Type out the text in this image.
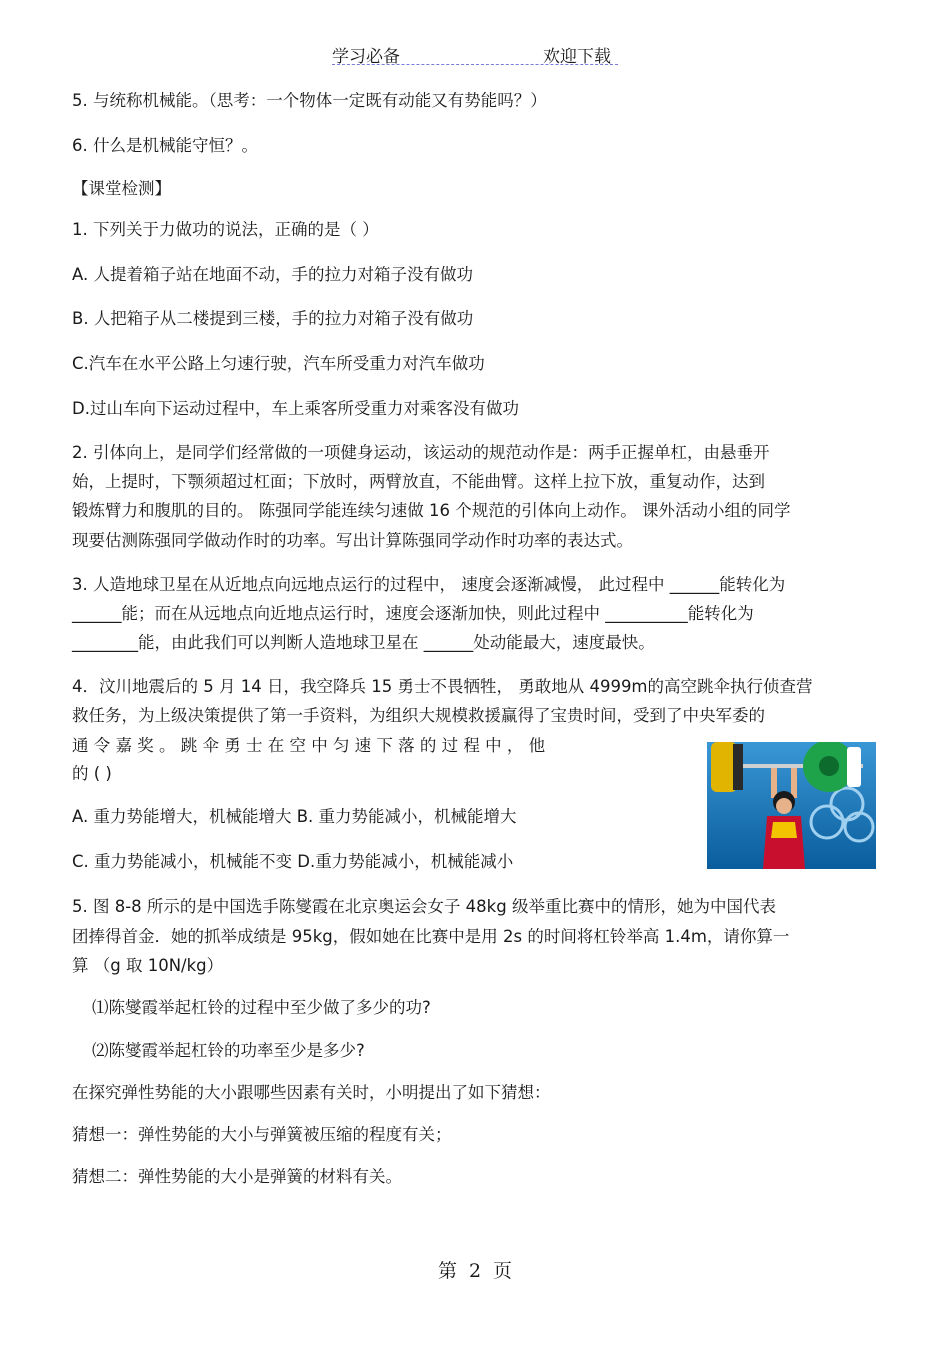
学习必备	欢迎下载
5. 与统称机械能。（思考：一个物体一定既有动能又有势能吗？）
6. 什么是机械能守恒？。
【课堂检测】
1. 下列关于力做功的说法，正确的是（ ）
A. 人提着箱子站在地面不动，手的拉力对箱子没有做功
B. 人把箱子从二楼提到三楼，手的拉力对箱子没有做功
C.汽车在水平公路上匀速行驶，汽车所受重力对汽车做功
D.过山车向下运动过程中，车上乘客所受重力对乘客没有做功
2. 引体向上，是同学们经常做的一项健身运动，该运动的规范动作是：两手正握单杠，由悬垂开
始，上提时，下颚须超过杠面；下放时，两臂放直，不能曲臂。这样上拉下放，重复动作，达到
锻炼臂力和腹肌的目的。 陈强同学能连续匀速做 16 个规范的引体向上动作。 课外活动小组的同学
现要估测陈强同学做动作时的功率。写出计算陈强同学动作时功率的表达式。
3. 人造地球卫星在从近地点向远地点运行的过程中， 速度会逐渐减慢， 此过程中 ______能转化为
______能；而在从远地点向近地点运行时，速度会逐渐加快，则此过程中 __________能转化为
________能，由此我们可以判断人造地球卫星在 ______处动能最大，速度最快。
4．汶川地震后的 5 月 14 日，我空降兵 15 勇士不畏牺牲， 勇敢地从 4999m的高空跳伞执行侦查营
救任务，为上级决策提供了第一手资料，为组织大规模救援赢得了宝贵时间，受到了中央军委的
通 令 嘉 奖 。 跳 伞 勇 士 在 空 中 匀 速 下 落 的 过 程 中 ， 他
的 ( )
A. 重力势能增大，机械能增大 B. 重力势能减小，机械能增大
C. 重力势能减小，机械能不变 D.重力势能减小，机械能减小
5. 图 8-8 所示的是中国选手陈燮霞在北京奥运会女子 48kg 级举重比赛中的情形，她为中国代表
团捧得首金．她的抓举成绩是 95kg，假如她在比赛中是用 2s 的时间将杠铃举高 1.4m，请你算一
算 （g 取 10N/kg）
⑴陈燮霞举起杠铃的过程中至少做了多少的功?
⑵陈燮霞举起杠铃的功率至少是多少?
在探究弹性势能的大小跟哪些因素有关时，小明提出了如下猜想：
猜想一：弹性势能的大小与弹簧被压缩的程度有关；
猜想二：弹性势能的大小是弹簧的材料有关。
第 2 页
